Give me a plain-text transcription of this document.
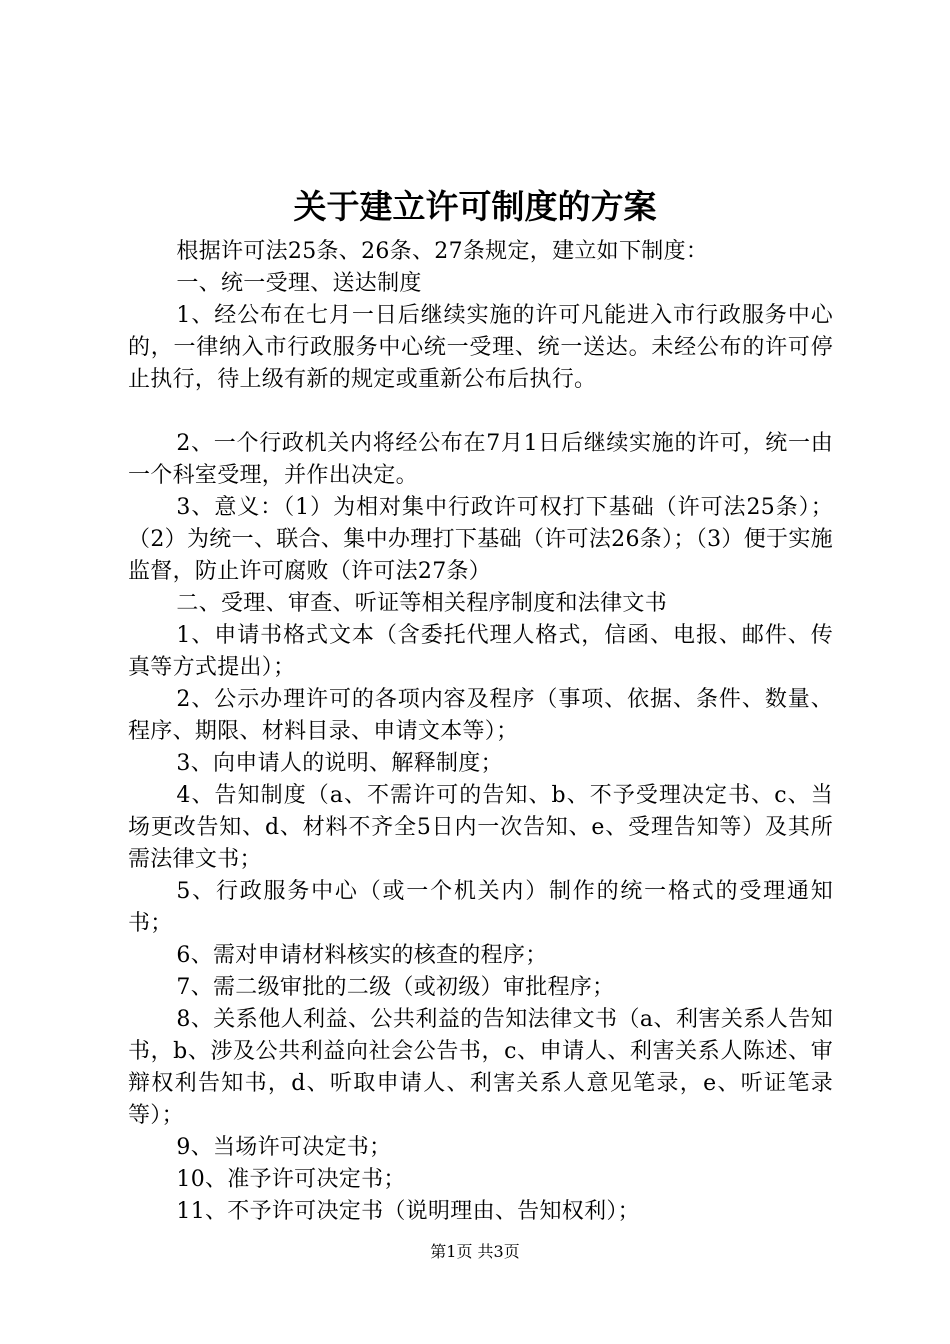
关于建立许可制度的方案

根据许可法25条、26条、27条规定，建立如下制度：

一、统一受理、送达制度

1、经公布在七月一日后继续实施的许可凡能进入市行政服务中心的，一律纳入市行政服务中心统一受理、统一送达。未经公布的许可停止执行，待上级有新的规定或重新公布后执行。

2、一个行政机关内将经公布在7月1日后继续实施的许可，统一由一个科室受理，并作出决定。

3、意义：（1）为相对集中行政许可权打下基础（许可法25条）；（2）为统一、联合、集中办理打下基础（许可法26条）；（3）便于实施监督，防止许可腐败（许可法27条）

二、受理、审查、听证等相关程序制度和法律文书

1、申请书格式文本（含委托代理人格式，信函、电报、邮件、传真等方式提出）；

2、公示办理许可的各项内容及程序（事项、依据、条件、数量、程序、期限、材料目录、申请文本等）；

3、向申请人的说明、解释制度；

4、告知制度（a、不需许可的告知、b、不予受理决定书、c、当场更改告知、d、材料不齐全5日内一次告知、e、受理告知等）及其所需法律文书；

5、行政服务中心（或一个机关内）制作的统一格式的受理通知书；

6、需对申请材料核实的核查的程序；

7、需二级审批的二级（或初级）审批程序；

8、关系他人利益、公共利益的告知法律文书（a、利害关系人告知书，b、涉及公共利益向社会公告书，c、申请人、利害关系人陈述、审辩权利告知书，d、听取申请人、利害关系人意见笔录，e、听证笔录等）；

9、当场许可决定书；

10、准予许可决定书；

11、不予许可决定书（说明理由、告知权利）；

第1页 共3页
